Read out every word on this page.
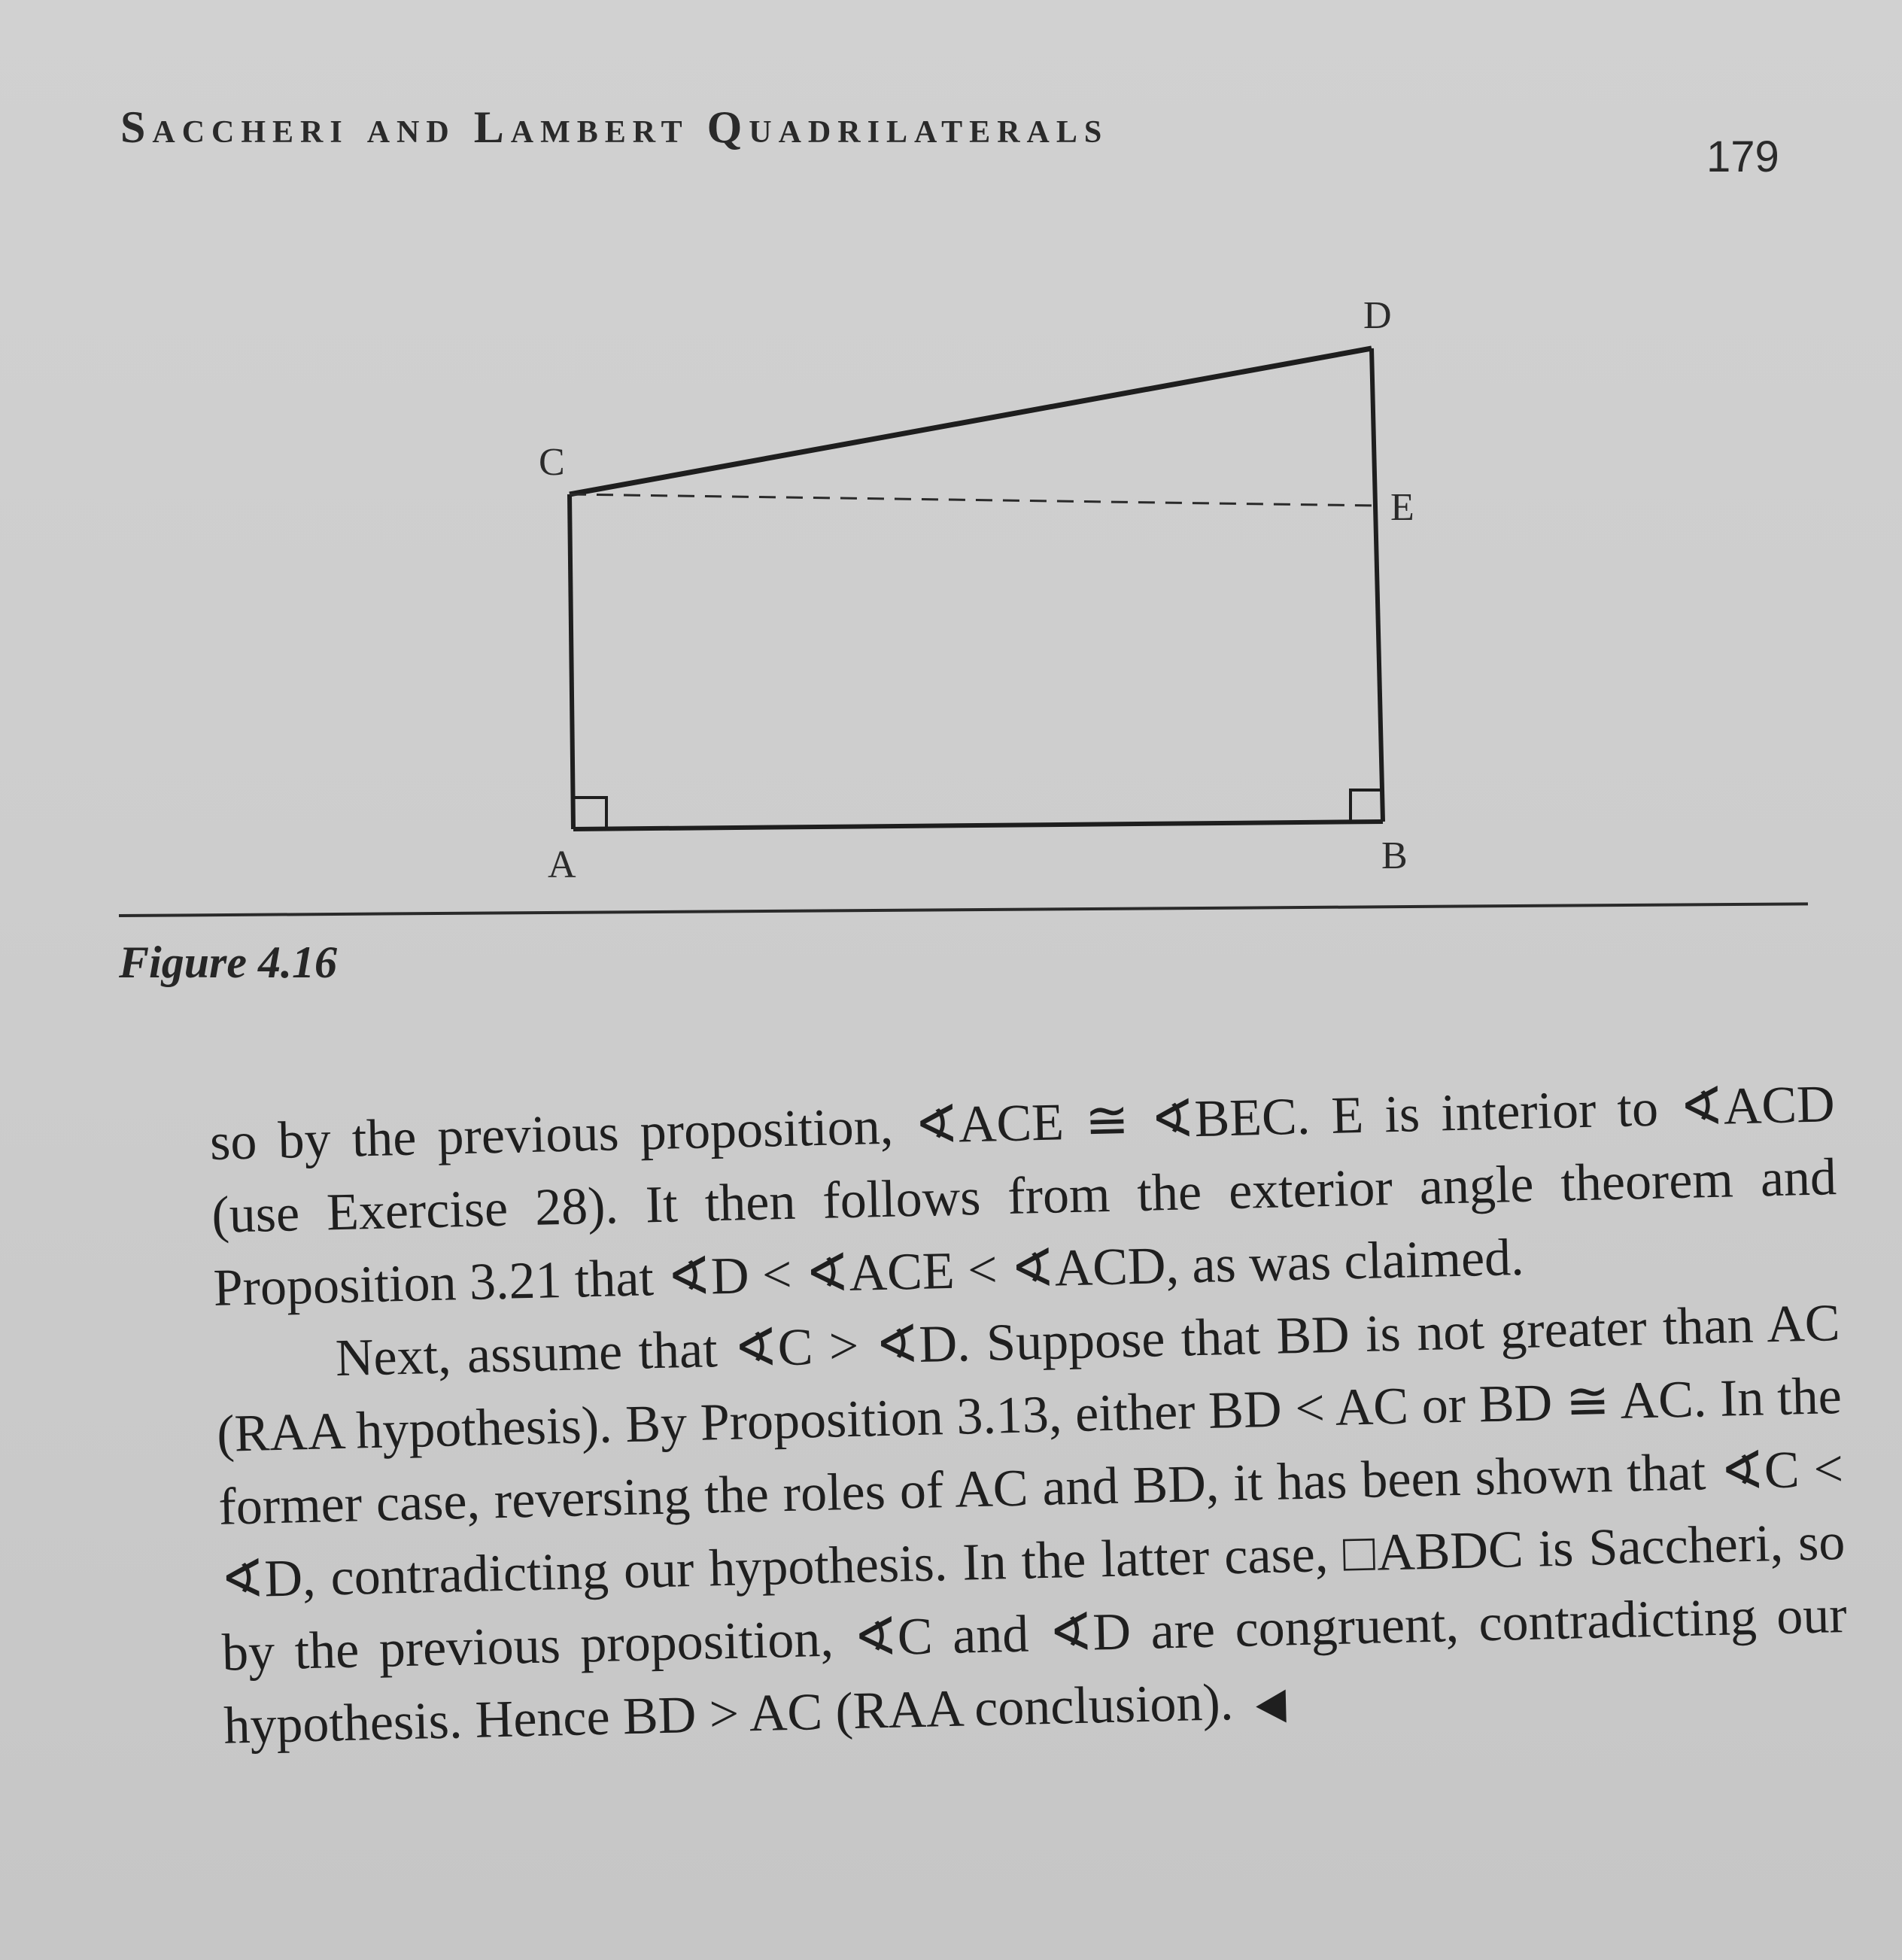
Saccheri and Lambert Quadrilaterals
179
A	B
C
D
E
Figure 4.16

so by the previous proposition, ∢ACE ≅ ∢BEC. E is interior to ∢ACD (use Exercise 28). It then follows from the exterior angle theorem and Proposition 3.21 that ∢D < ∢ACE < ∢ACD, as was claimed.

Next, assume that ∢C > ∢D. Suppose that BD is not greater than AC (RAA hypothesis). By Proposition 3.13, either BD < AC or BD ≅ AC. In the former case, reversing the roles of AC and BD, it has been shown that ∢C < ∢D, contradicting our hypothesis. In the latter case, □ABDC is Saccheri, so by the previous proposition, ∢C and ∢D are congruent, contradicting our hypothesis. Hence BD > AC (RAA conclusion).
